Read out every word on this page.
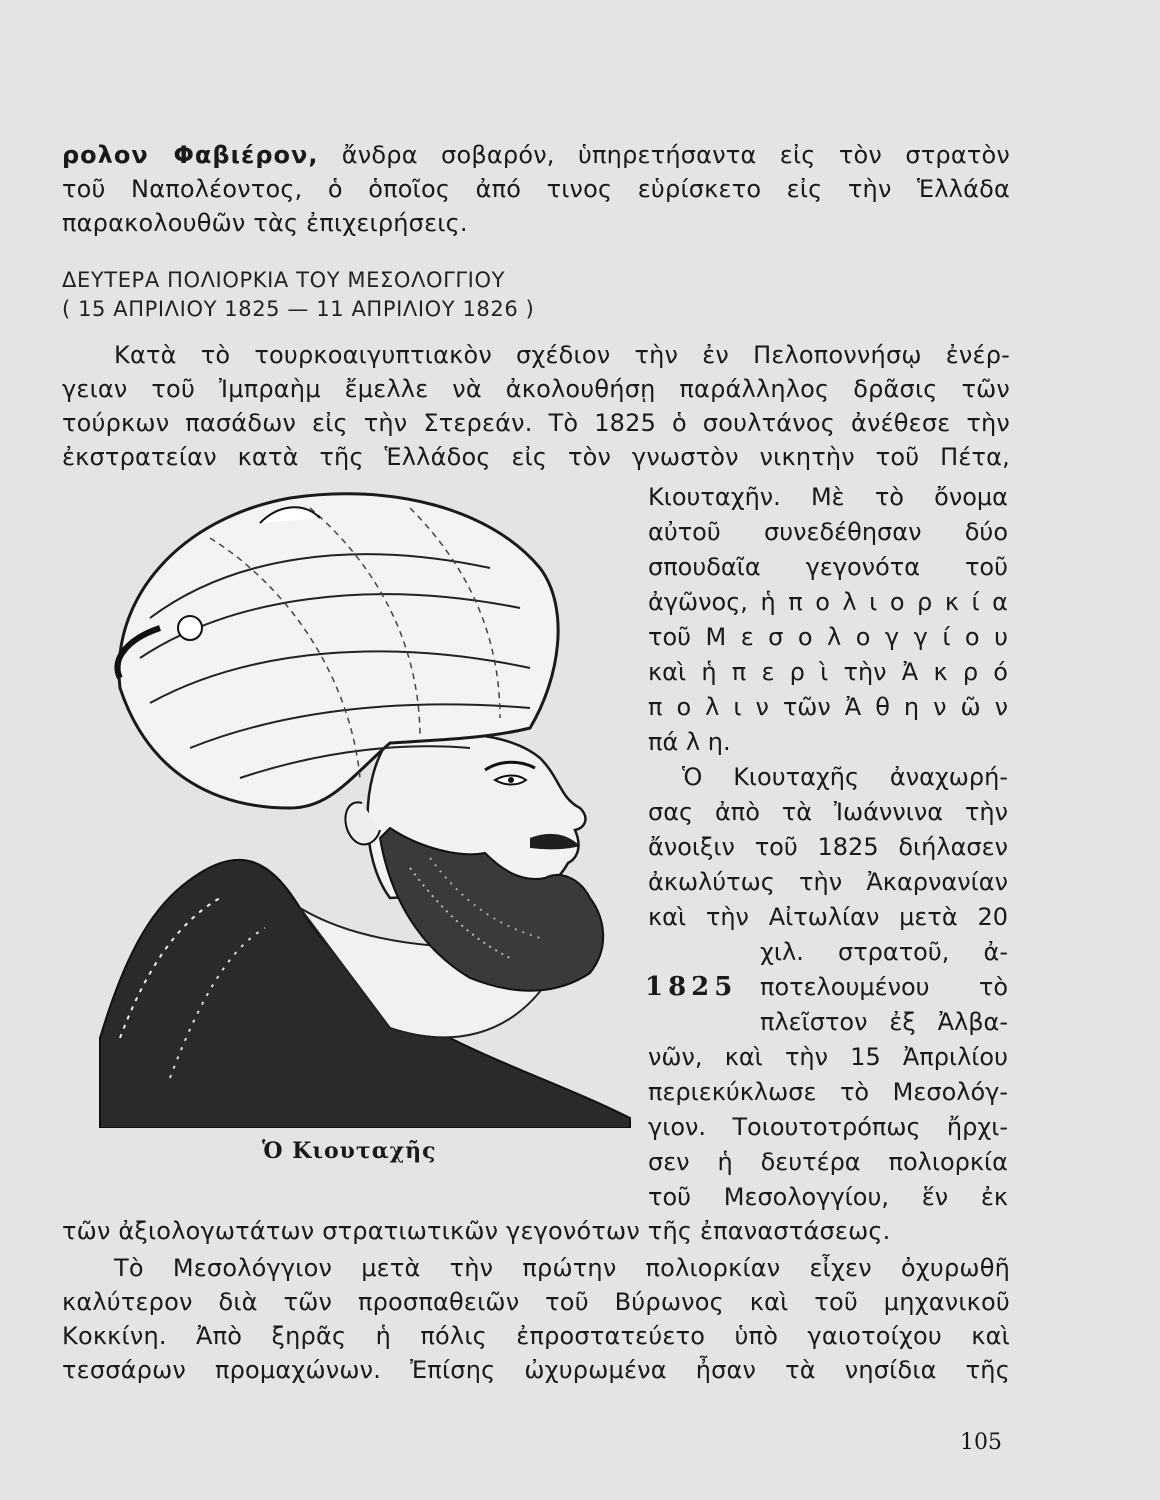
ρολον Φαβιέρον, ἄνδρα σοβαρόν, ὑπηρετήσαντα εἰς τὸν στρατὸν
τοῦ Ναπολέοντος, ὁ ὁποῖος ἀπό τινος εὑρίσκετο εἰς τὴν Ἑλλάδα
παρακολουθῶν τὰς ἐπιχειρήσεις.
ΔΕΥΤΕΡΑ ΠΟΛΙΟΡΚΙΑ ΤΟΥ ΜΕΣΟΛΟΓΓΙΟΥ
( 15 ΑΠΡΙΛΙΟΥ 1825 — 11 ΑΠΡΙΛΙΟΥ 1826 )
Κατὰ τὸ τουρκοαιγυπτιακὸν σχέδιον τὴν ἐν Πελοποννήσῳ ἐνέρ-
γειαν τοῦ Ἰμπραὴμ ἔμελλε νὰ ἀκολουθήσῃ παράλληλος δρᾶσις τῶν
τούρκων πασάδων εἰς τὴν Στερεάν. Τὸ 1825 ὁ σουλτάνος ἀνέθεσε τὴν
ἐκστρατείαν κατὰ τῆς Ἑλλάδος εἰς τὸν γνωστὸν νικητὴν τοῦ Πέτα,
Κιουταχῆν. Μὲ τὸ ὄνομα
αὐτοῦ συνεδέθησαν δύο
σπουδαῖα γεγονότα τοῦ
ἀγῶνος, ἡ π ο λ ι ο ρ κ ί α
τοῦ Μ ε σ ο λ ο γ γ ί ο υ
καὶ ἡ π ε ρ ὶ τὴν Ἀ κ ρ ό
π ο λ ι ν τῶν Ἀ θ η ν ῶ ν
πά λ η.
Ὁ Κιουταχῆς ἀναχωρή-
σας ἀπὸ τὰ Ἰωάννινα τὴν
ἄνοιξιν τοῦ 1825 διήλασεν
ἀκωλύτως τὴν Ἀκαρνανίαν
καὶ τὴν Αἰτωλίαν μετὰ 20
χιλ. στρατοῦ, ἀ-
ποτελουμένου τὸ
πλεῖστον ἐξ Ἀλβα-
1825
νῶν, καὶ τὴν 15 Ἀπριλίου
περιεκύκλωσε τὸ Μεσολόγ-
γιον. Τοιουτοτρόπως ἤρχι-
σεν ἡ δευτέρα πολιορκία
τοῦ Μεσολογγίου, ἕν ἐκ
τῶν ἀξιολογωτάτων στρατιωτικῶν γεγονότων τῆς ἐπαναστάσεως.
Τὸ Μεσολόγγιον μετὰ τὴν πρώτην πολιορκίαν εἶχεν ὀχυρωθῆ
καλύτερον διὰ τῶν προσπαθειῶν τοῦ Βύρωνος καὶ τοῦ μηχανικοῦ
Κοκκίνη. Ἀπὸ ξηρᾶς ἡ πόλις ἐπροστατεύετο ὑπὸ γαιοτοίχου καὶ
τεσσάρων προμαχώνων. Ἐπίσης ὠχυρωμένα ἦσαν τὰ νησίδια τῆς
Ὁ Κιουταχῆς
105
